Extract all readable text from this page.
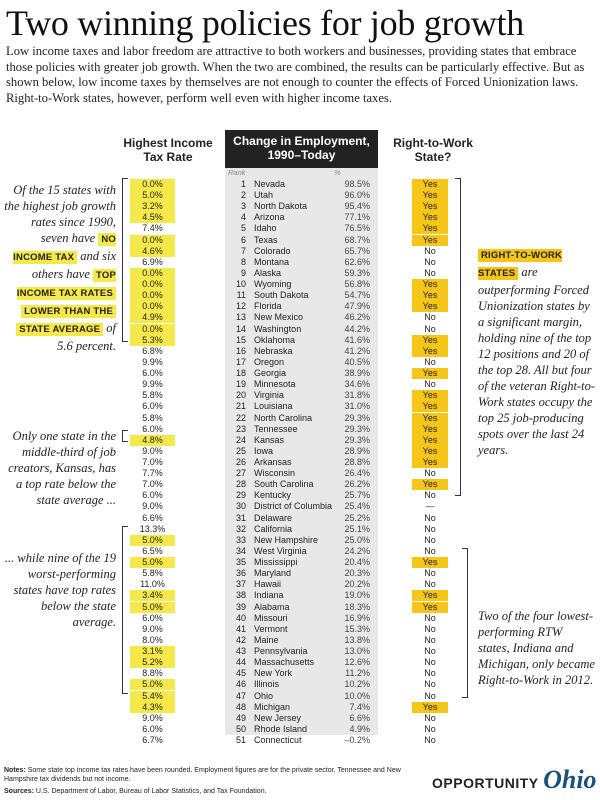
Two winning policies for job growth
Low income taxes and labor freedom are attractive to both workers and businesses, providing states that embrace those policies with greater job growth. When the two are combined, the results can be particularly effective. But as shown below, low income taxes by themselves are not enough to counter the effects of Forced Unionization laws. Right-to-Work states, however, perform well even with higher income taxes.
Highest Income Tax Rate
Change in Employment, 1990–Today
Right-to-Work State?
Rank	%
0.0%	1 Nevada	98.5%	Yes
5.0%	2 Utah	96.0%	Yes
3.2%	3 North Dakota	95.4%	Yes
4.5%	4 Arizona	77.1%	Yes
7.4%	5 Idaho	76.5%	Yes
0.0%	6 Texas	68.7%	Yes
4.6%	7 Colorado	65.7%	No
6.9%	8 Montana	62.6%	No
0.0%	9 Alaska	59.3%	No
0.0%	10 Wyoming	56.8%	Yes
0.0%	11 South Dakota	54.7%	Yes
0.0%	12 Florida	47.9%	Yes
4.9%	13 New Mexico	46.2%	No
0.0%	14 Washington	44.2%	No
5.3%	15 Oklahoma	41.6%	Yes
6.8%	16 Nebraska	41.2%	Yes
9.9%	17 Oregon	40.5%	No
6.0%	18 Georgia	38.9%	Yes
9.9%	19 Minnesota	34.6%	No
5.8%	20 Virginia	31.8%	Yes
6.0%	21 Louisiana	31.0%	Yes
5.8%	22 North Carolina	29.3%	Yes
6.0%	23 Tennessee	29.3%	Yes
4.8%	24 Kansas	29.3%	Yes
9.0%	25 Iowa	28.9%	Yes
7.0%	26 Arkansas	28.8%	Yes
7.7%	27 Wisconsin	26.4%	No
7.0%	28 South Carolina	26.2%	Yes
6.0%	29 Kentucky	25.7%	No
9.0%	30 District of Columbia	25.4%	—
6.6%	31 Delaware	25.2%	No
13.3%	32 California	25.1%	No
5.0%	33 New Hampshire	25.0%	No
6.5%	34 West Virginia	24.2%	No
5.0%	35 Mississippi	20.4%	Yes
5.8%	36 Maryland	20.3%	No
11.0%	37 Hawaii	20.2%	No
3.4%	38 Indiana	19.0%	Yes
5.0%	39 Alabama	18.3%	Yes
6.0%	40 Missouri	16.9%	No
9.0%	41 Vermont	15.3%	No
8.0%	42 Maine	13.8%	No
3.1%	43 Pennsylvania	13.0%	No
5.2%	44 Massachusetts	12.6%	No
8.8%	45 New York	11.2%	No
5.0%	46 Illinois	10.2%	No
5.4%	47 Ohio	10.0%	No
4.3%	48 Michigan	7.4%	Yes
9.0%	49 New Jersey	6.6%	No
6.0%	50 Rhode Island	4.9%	No
6.7%	51 Connecticut	–0.2%	No
Of the 15 states with the highest job growth rates since 1990, seven have NO INCOME TAX and six others have TOP INCOME TAX RATES LOWER THAN THE STATE AVERAGE of 5.6 percent.
Only one state in the middle-third of job creators, Kansas, has a top rate below the state average ...
... while nine of the 19 worst-performing states have top rates below the state average.
RIGHT-TO-WORK STATES are outperforming Forced Unionization states by a significant margin, holding nine of the top 12 positions and 20 of the top 28. All but four of the veteran Right-to-Work states occupy the top 25 job-producing spots over the last 24 years.
Two of the four lowest-performing RTW states, Indiana and Michigan, only became Right-to-Work in 2012.
Notes: Some state top income tax rates have been rounded. Employment figures are for the private sector. Tennessee and New Hampshire tax dividends but not income.
Sources: U.S. Department of Labor, Bureau of Labor Statistics, and Tax Foundation.
OPPORTUNITY Ohio
